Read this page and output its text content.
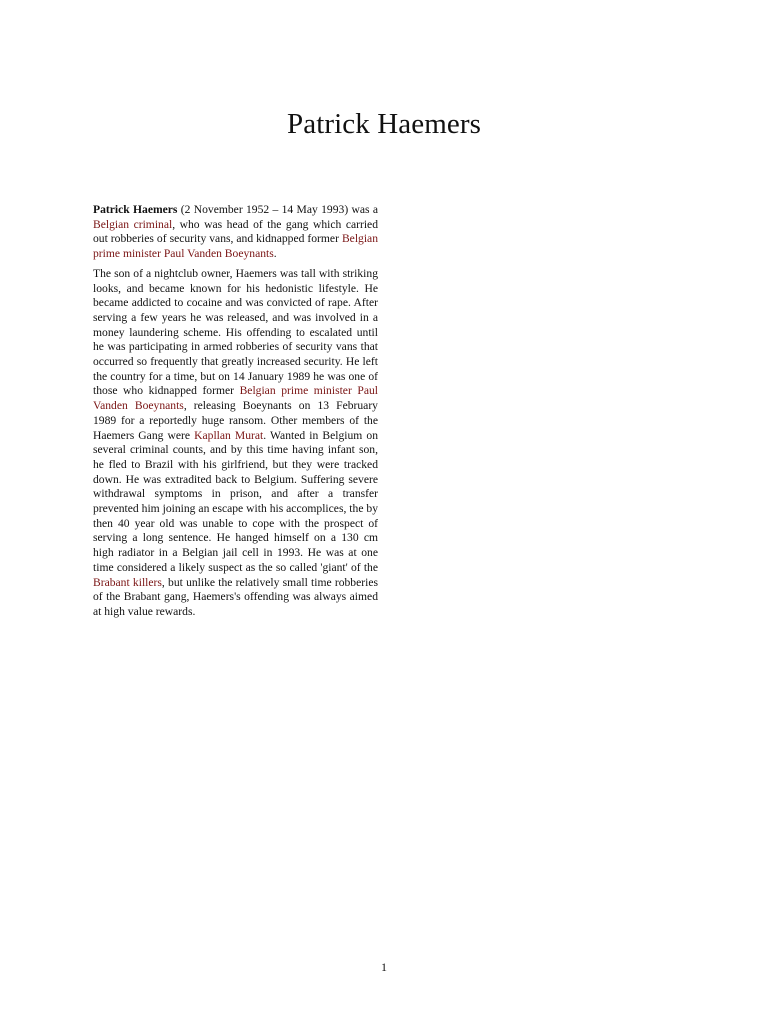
Patrick Haemers

Patrick Haemers (2 November 1952 – 14 May 1993) was a Belgian criminal, who was head of the gang which carried out robberies of security vans, and kidnapped former Belgian prime minister Paul Vanden Boeynants.

The son of a nightclub owner, Haemers was tall with striking looks, and became known for his hedonistic lifestyle. He became addicted to cocaine and was convicted of rape. After serving a few years he was released, and was involved in a money laundering scheme. His offending to escalated until he was participating in armed robberies of security vans that occurred so frequently that greatly increased security. He left the country for a time, but on 14 January 1989 he was one of those who kidnapped former Belgian prime minister Paul Vanden Boeynants, releasing Boeynants on 13 February 1989 for a reportedly huge ransom. Other members of the Haemers Gang were Kapllan Murat. Wanted in Belgium on several criminal counts, and by this time having infant son, he fled to Brazil with his girlfriend, but they were tracked down. He was extradited back to Belgium. Suffering severe withdrawal symptoms in prison, and after a transfer prevented him joining an escape with his accomplices, the by then 40 year old was unable to cope with the prospect of serving a long sentence. He hanged himself on a 130 cm high radiator in a Belgian jail cell in 1993. He was at one time considered a likely suspect as the so called 'giant' of the Brabant killers, but unlike the relatively small time robberies of the Brabant gang, Haemers's offending was always aimed at high value rewards.

1
